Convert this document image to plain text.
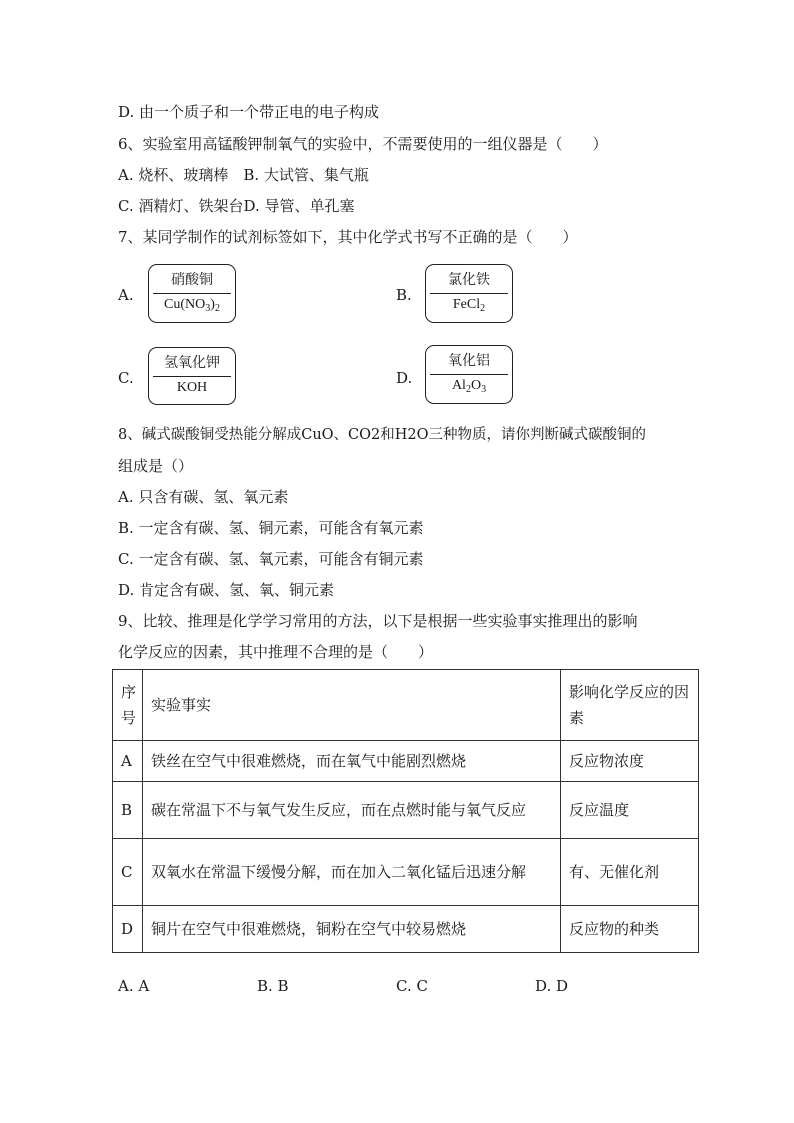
D. 由一个质子和一个带正电的电子构成
6、实验室用高锰酸钾制氧气的实验中，不需要使用的一组仪器是（　　）
A. 烧杯、玻璃棒　B. 大试管、集气瓶
C. 酒精灯、铁架台D. 导管、单孔塞
7、某同学制作的试剂标签如下，其中化学式书写不正确的是（　　）
A.
硝酸铜
$Cu(NO_3)_2$
B.
氯化铁
FeCl$_2$
C.
氢氧化钾
KOH
D.
氧化铝
$Al_2O_3$
8、碱式碳酸铜受热能分解成CuO、CO2和H2O三种物质，请你判断碱式碳酸铜的
组成是（）
A. 只含有碳、氢、氧元素
B. 一定含有碳、氢、铜元素，可能含有氧元素
C. 一定含有碳、氢、氧元素，可能含有铜元素
D. 肯定含有碳、氢、氧、铜元素
9、比较、推理是化学学习常用的方法，以下是根据一些实验事实推理出的影响
化学反应的因素，其中推理不合理的是（　　）
序号	实验事实	影响化学反应的因素
A	铁丝在空气中很难燃烧，而在氧气中能剧烈燃烧	反应物浓度
B	碳在常温下不与氧气发生反应，而在点燃时能与氧气反应	反应温度
C	双氧水在常温下缓慢分解，而在加入二氧化锰后迅速分解	有、无催化剂
D	铜片在空气中很难燃烧，铜粉在空气中较易燃烧	反应物的种类
A. A	B. B	C. C	D. D
